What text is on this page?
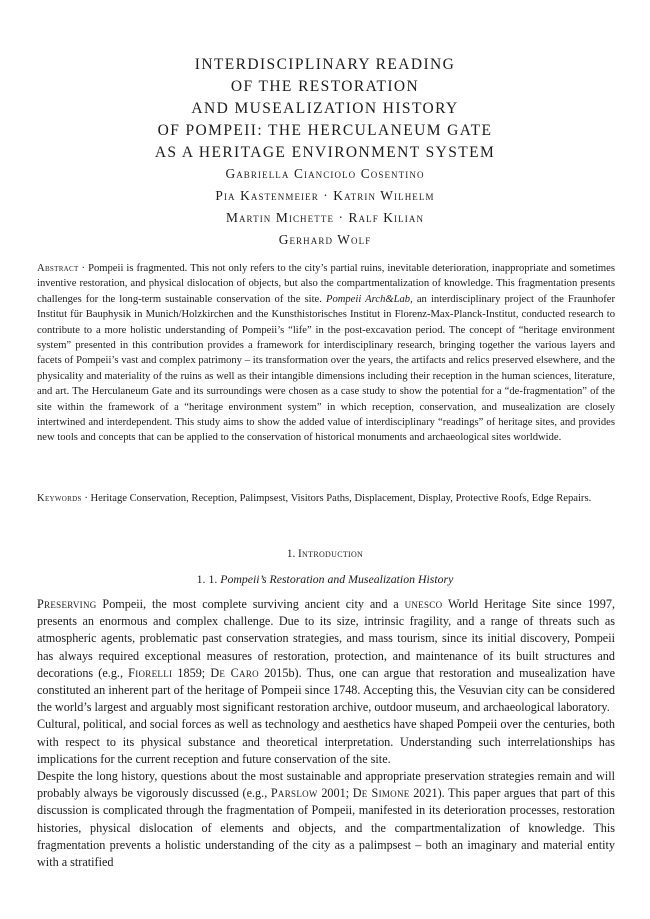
INTERDISCIPLINARY READING
OF THE RESTORATION
AND MUSEALIZATION HISTORY
OF POMPEII: THE HERCULANEUM GATE
AS A HERITAGE ENVIRONMENT SYSTEM
Gabriella Cianciolo Cosentino
Pia Kastenmeier · Katrin Wilhelm
Martin Michette · Ralf Kilian
Gerhard Wolf

Abstract · Pompeii is fragmented. This not only refers to the city’s partial ruins, inevitable deterioration, inappropriate and sometimes inventive restoration, and physical dislocation of objects, but also the compartmentalization of knowledge. This fragmentation presents challenges for the long-term sustainable conservation of the site. Pompeii Arch&Lab, an interdisciplinary project of the Fraunhofer Institut für Bauphysik in Munich/Holzkirchen and the Kunsthistorisches Institut in Florenz-Max-Planck-Institut, conducted research to contribute to a more holistic understanding of Pompeii’s “life” in the post-excavation period. The concept of “heritage environment system” presented in this contribution provides a framework for interdisciplinary research, bringing together the various layers and facets of Pompeii’s vast and complex patrimony – its transformation over the years, the artifacts and relics preserved elsewhere, and the physicality and materiality of the ruins as well as their intangible dimensions including their reception in the human sciences, literature, and art. The Herculaneum Gate and its surroundings were chosen as a case study to show the potential for a “de-fragmentation” of the site within the framework of a “heritage environment system” in which reception, conservation, and musealization are closely intertwined and interdependent. This study aims to show the added value of interdisciplinary “readings” of heritage sites, and provides new tools and concepts that can be applied to the conservation of historical monuments and archaeological sites worldwide.

Keywords · Heritage Conservation, Reception, Palimpsest, Visitors Paths, Displacement, Display, Protective Roofs, Edge Repairs.

1. Introduction
1. 1. Pompeii’s Restoration and Musealization History

Preserving Pompeii, the most complete surviving ancient city and a unesco World Heritage Site since 1997, presents an enormous and complex challenge. Due to its size, intrinsic fragility, and a range of threats such as atmospheric agents, problematic past conservation strategies, and mass tourism, since its initial discovery, Pompeii has always required exceptional measures of restoration, protection, and maintenance of its built structures and decorations (e.g., Fiorelli 1859; De Caro 2015b). Thus, one can argue that restoration and musealization have constituted an inherent part of the heritage of Pompeii since 1748. Accepting this, the Vesuvian city can be considered the world’s largest and arguably most significant restoration archive, outdoor museum, and archaeological laboratory.

Cultural, political, and social forces as well as technology and aesthetics have shaped Pompeii over the centuries, both with respect to its physical substance and theoretical interpretation. Understanding such interrelationships has implications for the current reception and future conservation of the site.

Despite the long history, questions about the most sustainable and appropriate preservation strategies remain and will probably always be vigorously discussed (e.g., Parslow 2001; De Simone 2021). This paper argues that part of this discussion is complicated through the fragmentation of Pompeii, manifested in its deterioration processes, restoration histories, physical dislocation of elements and objects, and the compartmentalization of knowledge. This fragmentation prevents a holistic understanding of the city as a palimpsest – both an imaginary and material entity with a stratified
